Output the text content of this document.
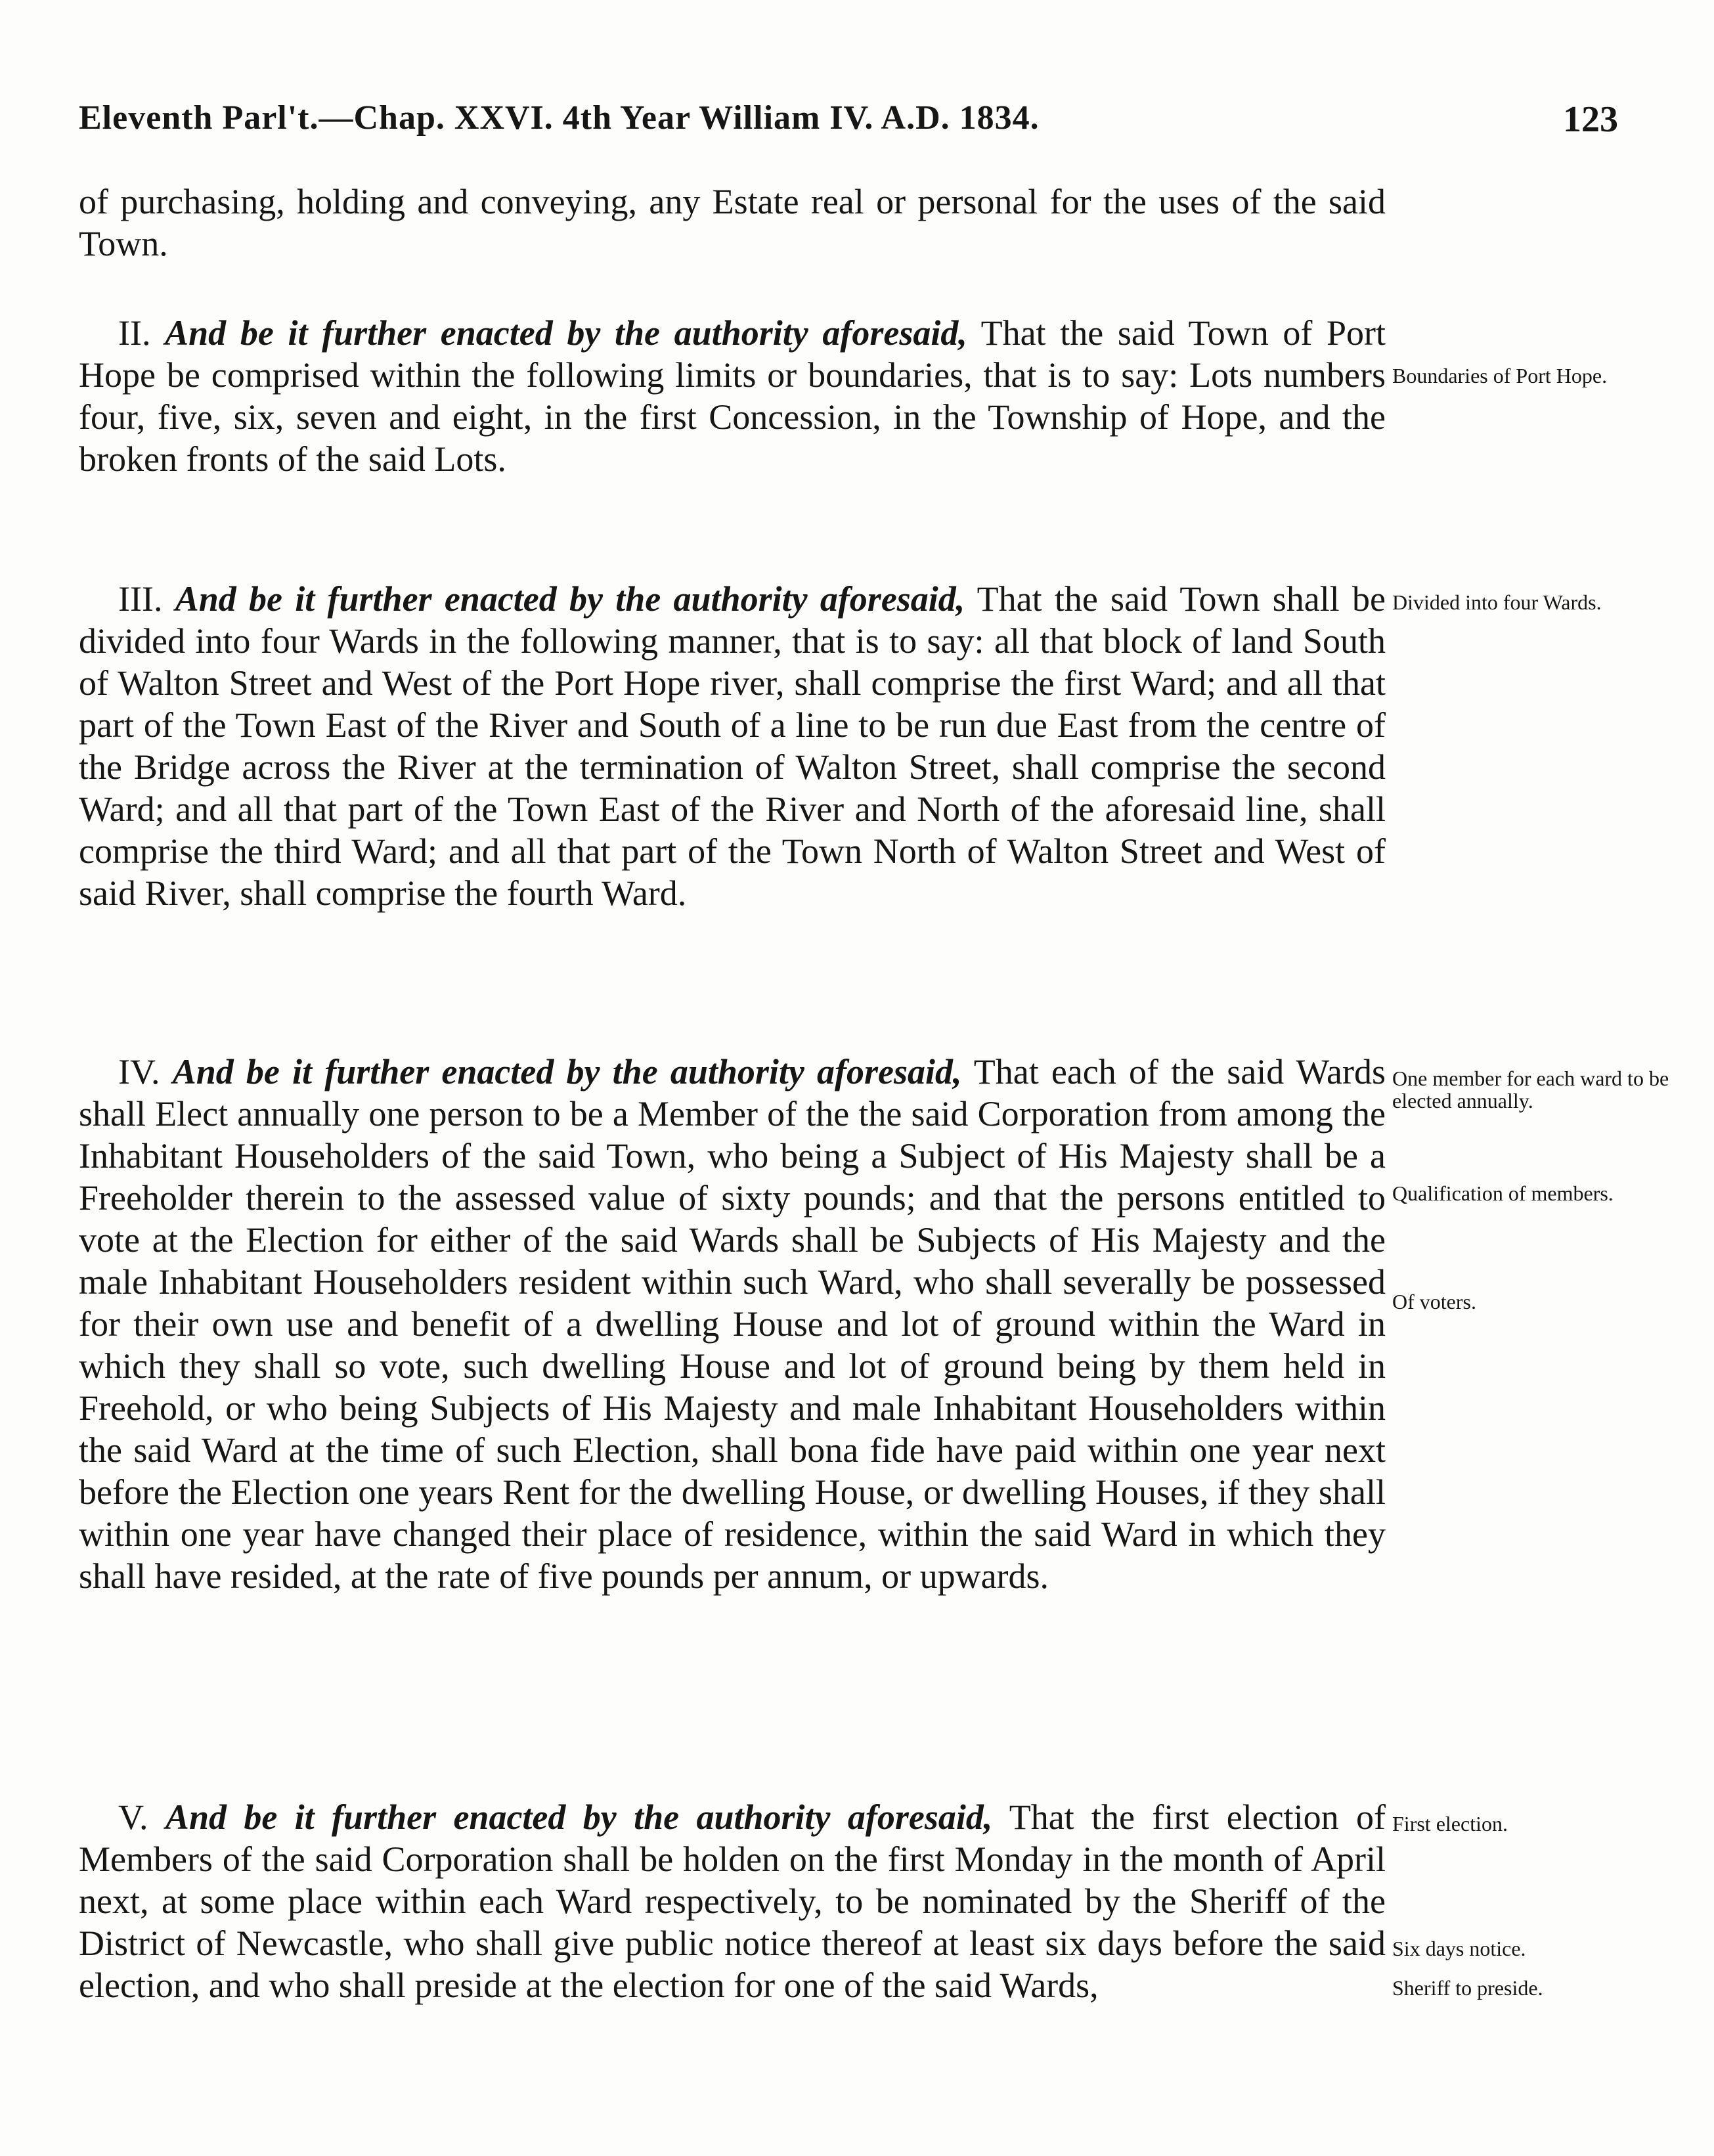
Eleventh Parl't.—Chap. XXVI. 4th Year William IV. A.D. 1834.	123

of purchasing, holding and conveying, any Estate real or personal for the uses of the said Town.

II. And be it further enacted by the authority aforesaid, That the said Town of Port Hope be comprised within the following limits or boundaries, that is to say: Lots numbers four, five, six, seven and eight, in the first Concession, in the Township of Hope, and the broken fronts of the said Lots.

III. And be it further enacted by the authority aforesaid, That the said Town shall be divided into four Wards in the following manner, that is to say: all that block of land South of Walton Street and West of the Port Hope river, shall comprise the first Ward; and all that part of the Town East of the River and South of a line to be run due East from the centre of the Bridge across the River at the termination of Walton Street, shall comprise the second Ward; and all that part of the Town East of the River and North of the aforesaid line, shall comprise the third Ward; and all that part of the Town North of Walton Street and West of said River, shall comprise the fourth Ward.

IV. And be it further enacted by the authority aforesaid, That each of the said Wards shall Elect annually one person to be a Member of the the said Corporation from among the Inhabitant Householders of the said Town, who being a Subject of His Majesty shall be a Freeholder therein to the assessed value of sixty pounds; and that the persons entitled to vote at the Election for either of the said Wards shall be Subjects of His Majesty and the male Inhabitant Householders resident within such Ward, who shall severally be possessed for their own use and benefit of a dwelling House and lot of ground within the Ward in which they shall so vote, such dwelling House and lot of ground being by them held in Freehold, or who being Subjects of His Majesty and male Inhabitant Householders within the said Ward at the time of such Election, shall bona fide have paid within one year next before the Election one years Rent for the dwelling House, or dwelling Houses, if they shall within one year have changed their place of residence, within the said Ward in which they shall have resided, at the rate of five pounds per annum, or upwards.

V. And be it further enacted by the authority aforesaid, That the first election of Members of the said Corporation shall be holden on the first Monday in the month of April next, at some place within each Ward respectively, to be nominated by the Sheriff of the District of Newcastle, who shall give public notice thereof at least six days before the said election, and who shall preside at the election for one of the said Wards,

Boundaries of Port Hope.
Divided into four Wards.
One member for each ward to be elected annually.
Qualification of members.
Of voters.
First election.
Six days notice.
Sheriff to preside.
